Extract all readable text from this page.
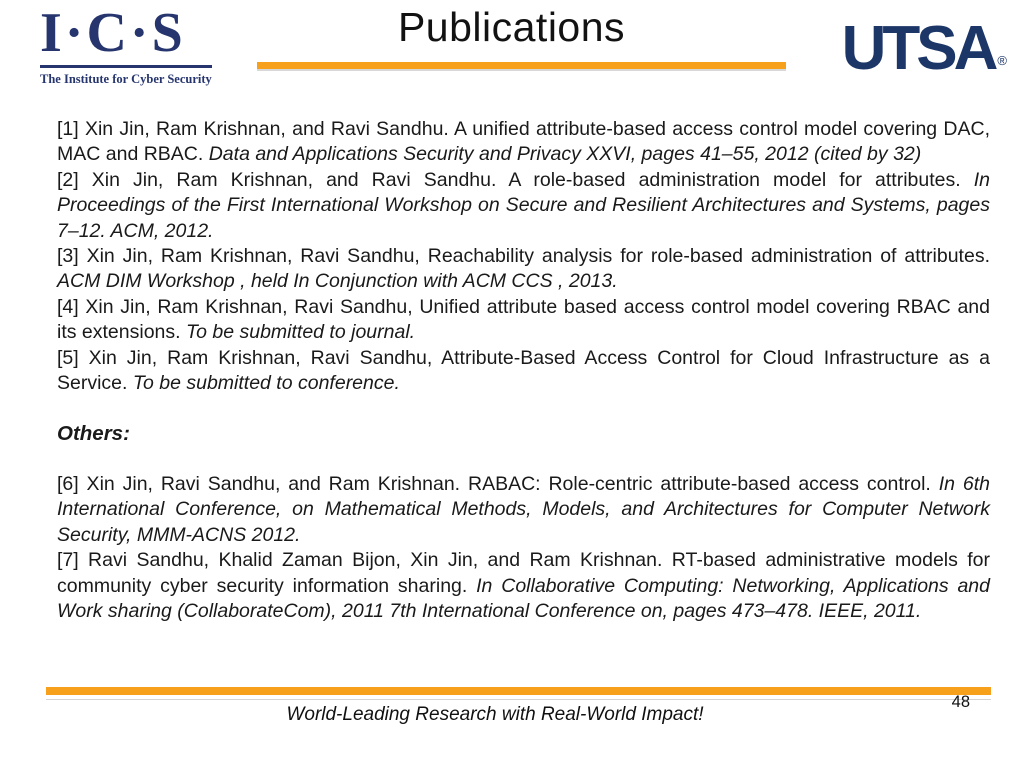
I·C·S
The Institute for Cyber Security
Publications	UTSA ®

[1] Xin Jin, Ram Krishnan, and Ravi Sandhu. A unified attribute-based access control model covering DAC, MAC and RBAC. Data and Applications Security and Privacy XXVI, pages 41–55, 2012 (cited by 32)

[2] Xin Jin, Ram Krishnan, and Ravi Sandhu. A role-based administration model for attributes. In Proceedings of the First International Workshop on Secure and Resilient Architectures and Systems, pages 7–12. ACM, 2012.

[3] Xin Jin, Ram Krishnan, Ravi Sandhu, Reachability analysis for role-based administration of attributes. ACM DIM Workshop , held In Conjunction with ACM CCS , 2013.

[4] Xin Jin, Ram Krishnan, Ravi Sandhu, Unified attribute based access control model covering RBAC and its extensions. To be submitted to journal.

[5] Xin Jin, Ram Krishnan, Ravi Sandhu, Attribute-Based Access Control for Cloud Infrastructure as a Service. To be submitted to conference.

Others:

[6] Xin Jin, Ravi Sandhu, and Ram Krishnan. RABAC: Role-centric attribute-based access control. In 6th International Conference, on Mathematical Methods, Models, and Architectures for Computer Network Security, MMM-ACNS 2012.

[7] Ravi Sandhu, Khalid Zaman Bijon, Xin Jin, and Ram Krishnan. RT-based administrative models for community cyber security information sharing. In Collaborative Computing: Networking, Applications and Work sharing (CollaborateCom), 2011 7th International Conference on, pages 473–478. IEEE, 2011.

World-Leading Research with Real-World Impact!
48
